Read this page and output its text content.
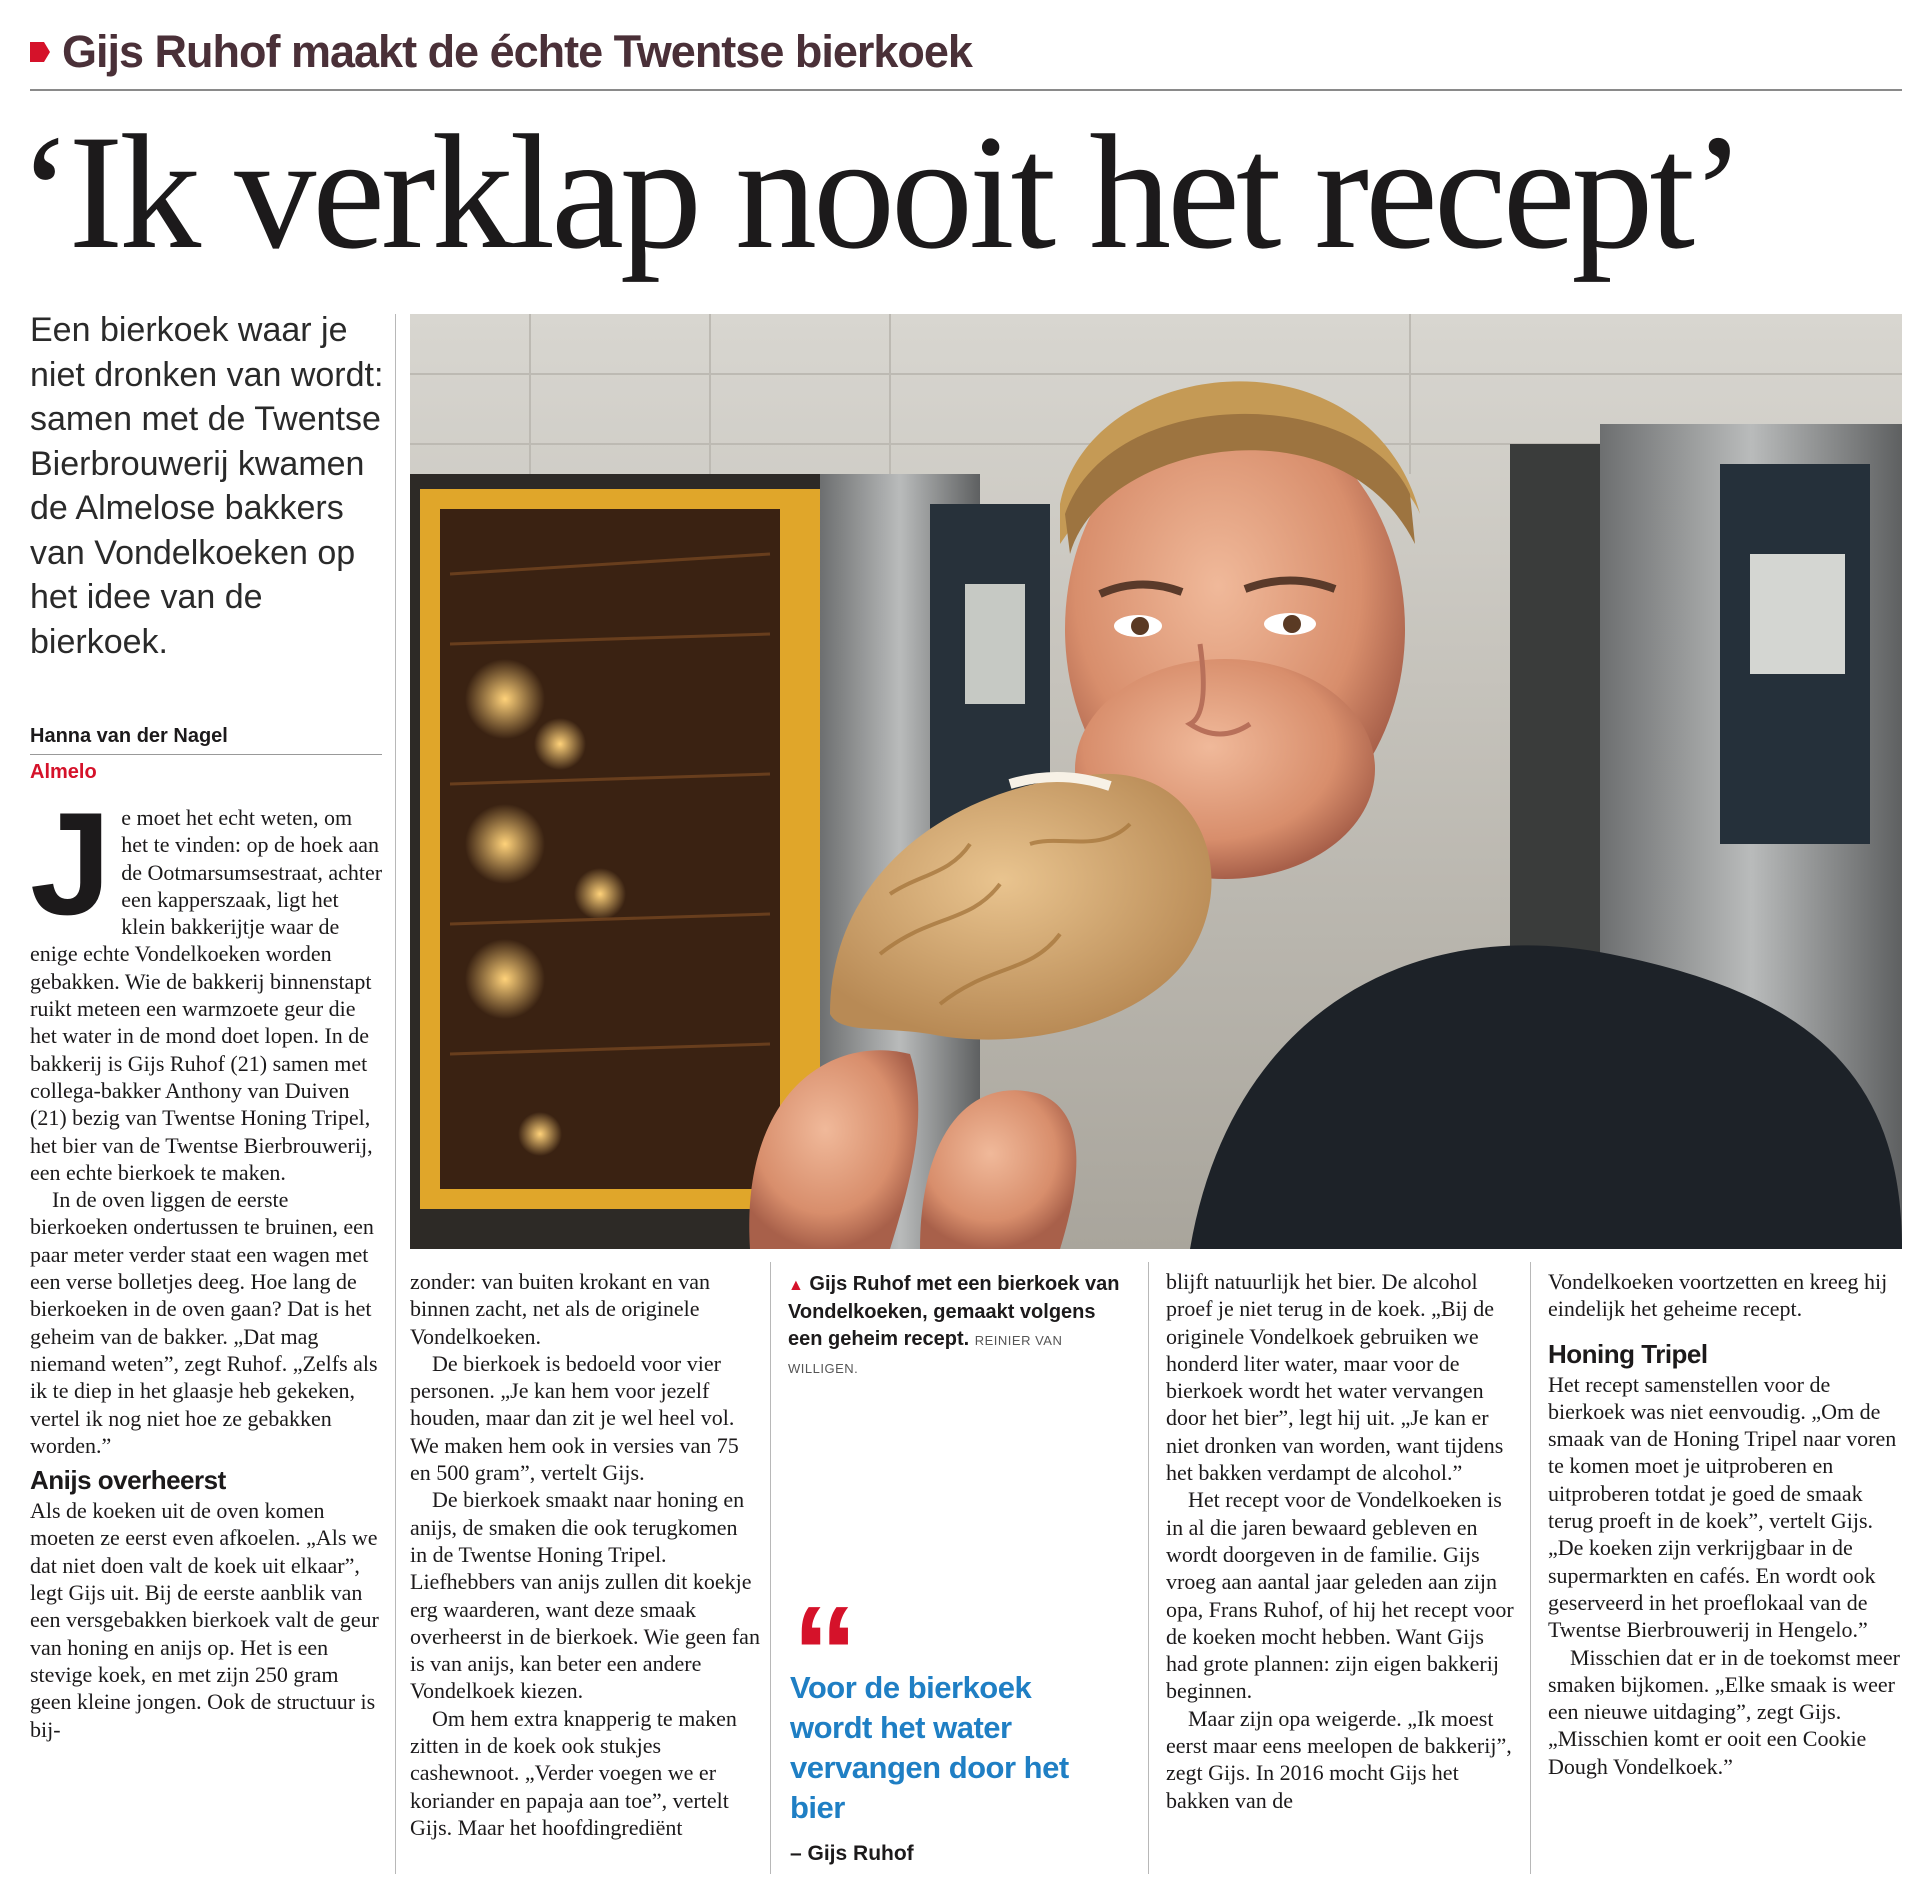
Gijs Ruhof maakt de échte Twentse bierkoek
‘Ik verklap nooit het recept’
Een bierkoek waar je niet dronken van wordt: samen met de Twentse Bierbrouwerij kwamen de Almelose bakkers van Vondelkoeken op het idee van de bierkoek.
Hanna van der Nagel
Almelo
J e moet het echt weten, om het te vinden: op de hoek aan de Ootmarsumsestraat, achter een kapperszaak, ligt het klein bakkerijtje waar de enige echte Vondelkoeken worden gebakken. Wie de bakkerij binnenstapt ruikt meteen een warmzoete geur die het water in de mond doet lopen. In de bakkerij is Gijs Ruhof (21) samen met collega-bakker Anthony van Duiven (21) bezig van Twentse Honing Tripel, het bier van de Twentse Bierbrouwerij, een echte bierkoek te maken.

In de oven liggen de eerste bierkoeken ondertussen te bruinen, een paar meter verder staat een wagen met een verse bolletjes deeg. Hoe lang de bierkoeken in de oven gaan? Dat is het geheim van de bakker. „Dat mag niemand weten”, zegt Ruhof. „Zelfs als ik te diep in het glaasje heb gekeken, vertel ik nog niet hoe ze gebakken worden.”

Anijs overheerst

Als de koeken uit de oven komen moeten ze eerst even afkoelen. „Als we dat niet doen valt de koek uit elkaar”, legt Gijs uit. Bij de eerste aanblik van een versgebakken bierkoek valt de geur van honing en anijs op. Het is een stevige koek, en met zijn 250 gram geen kleine jongen. Ook de structuur is bij-

zonder: van buiten krokant en van binnen zacht, net als de originele Vondelkoeken.

De bierkoek is bedoeld voor vier personen. „Je kan hem voor jezelf houden, maar dan zit je wel heel vol. We maken hem ook in versies van 75 en 500 gram”, vertelt Gijs.

De bierkoek smaakt naar honing en anijs, de smaken die ook terugkomen in de Twentse Honing Tripel. Liefhebbers van anijs zullen dit koekje erg waarderen, want deze smaak overheerst in de bierkoek. Wie geen fan is van anijs, kan beter een andere Vondelkoek kiezen.

Om hem extra knapperig te maken zitten in de koek ook stukjes cashewnoot. „Verder voegen we er koriander en papaja aan toe”, vertelt Gijs. Maar het hoofdingrediënt

▲ Gijs Ruhof met een bierkoek van Vondelkoeken, gemaakt volgens een geheim recept. REINIER VAN WILLIGEN.
“
Voor de bierkoek wordt het water vervangen door het bier
– Gijs Ruhof

blijft natuurlijk het bier. De alcohol proef je niet terug in de koek. „Bij de originele Vondelkoek gebruiken we honderd liter water, maar voor de bierkoek wordt het water vervangen door het bier”, legt hij uit. „Je kan er niet dronken van worden, want tijdens het bakken verdampt de alcohol.”

Het recept voor de Vondelkoeken is in al die jaren bewaard gebleven en wordt doorgeven in de familie. Gijs vroeg aan aantal jaar geleden aan zijn opa, Frans Ruhof, of hij het recept voor de koeken mocht hebben. Want Gijs had grote plannen: zijn eigen bakkerij beginnen.

Maar zijn opa weigerde. „Ik moest eerst maar eens meelopen de bakkerij”, zegt Gijs. In 2016 mocht Gijs het bakken van de

Vondelkoeken voortzetten en kreeg hij eindelijk het geheime recept.

Honing Tripel

Het recept samenstellen voor de bierkoek was niet eenvoudig. „Om de smaak van de Honing Tripel naar voren te komen moet je uitproberen en uitproberen totdat je goed de smaak terug proeft in de koek”, vertelt Gijs. „De koeken zijn verkrijgbaar in de supermarkten en cafés. En wordt ook geserveerd in het proeflokaal van de Twentse Bierbrouwerij in Hengelo.”

Misschien dat er in de toekomst meer smaken bijkomen. „Elke smaak is weer een nieuwe uitdaging”, zegt Gijs. „Misschien komt er ooit een Cookie Dough Vondelkoek.”
